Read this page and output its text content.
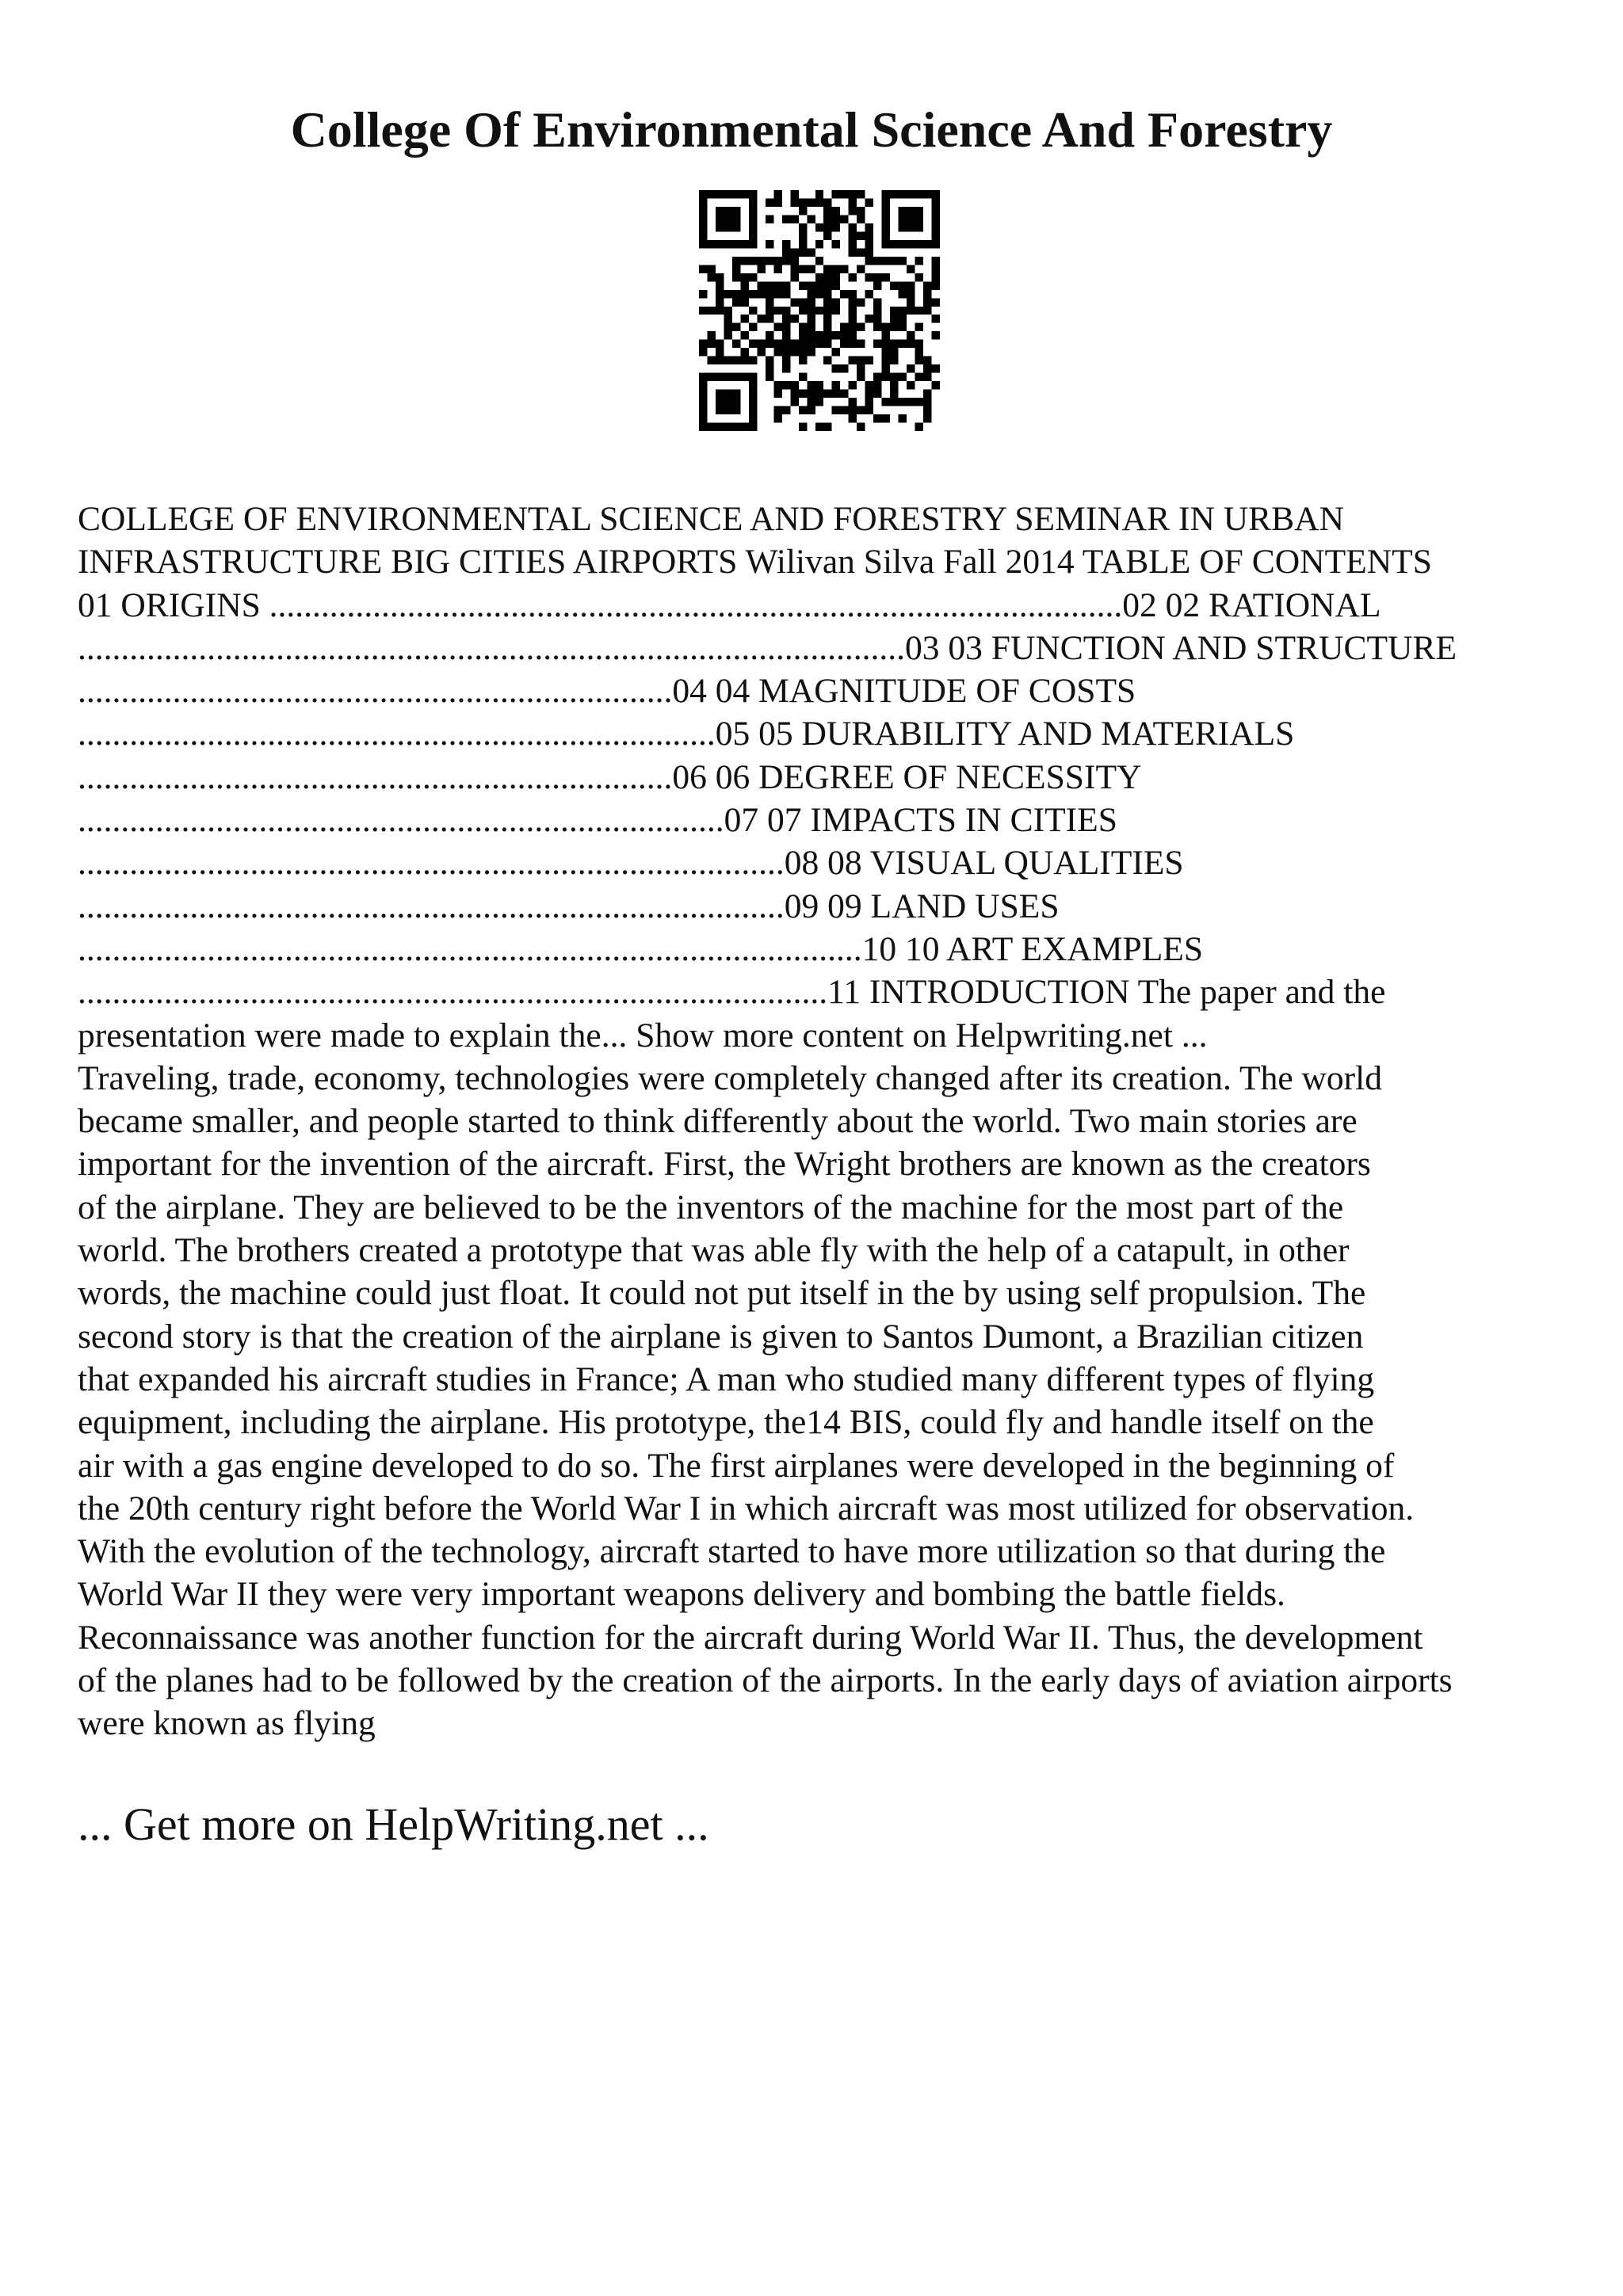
College Of Environmental Science And Forestry

COLLEGE OF ENVIRONMENTAL SCIENCE AND FORESTRY SEMINAR IN URBAN

INFRASTRUCTURE BIG CITIES AIRPORTS Wilivan Silva Fall 2014 TABLE OF CONTENTS

01 ORIGINS ...................................................................................................02 02 RATIONAL

................................................................................................03 03 FUNCTION AND STRUCTURE

.....................................................................04 04 MAGNITUDE OF COSTS

..........................................................................05 05 DURABILITY AND MATERIALS

.....................................................................06 06 DEGREE OF NECESSITY

...........................................................................07 07 IMPACTS IN CITIES

..................................................................................08 08 VISUAL QUALITIES

..................................................................................09 09 LAND USES

...........................................................................................10 10 ART EXAMPLES

.......................................................................................11 INTRODUCTION The paper and the

presentation were made to explain the... Show more content on Helpwriting.net ...

Traveling, trade, economy, technologies were completely changed after its creation. The world

became smaller, and people started to think differently about the world. Two main stories are

important for the invention of the aircraft. First, the Wright brothers are known as the creators

of the airplane. They are believed to be the inventors of the machine for the most part of the

world. The brothers created a prototype that was able fly with the help of a catapult, in other

words, the machine could just float. It could not put itself in the by using self propulsion. The

second story is that the creation of the airplane is given to Santos Dumont, a Brazilian citizen

that expanded his aircraft studies in France; A man who studied many different types of flying

equipment, including the airplane. His prototype, the14 BIS, could fly and handle itself on the

air with a gas engine developed to do so. The first airplanes were developed in the beginning of

the 20th century right before the World War I in which aircraft was most utilized for observation.

With the evolution of the technology, aircraft started to have more utilization so that during the

World War II they were very important weapons delivery and bombing the battle fields.

Reconnaissance was another function for the aircraft during World War II. Thus, the development

of the planes had to be followed by the creation of the airports. In the early days of aviation airports

were known as flying

... Get more on HelpWriting.net ...
